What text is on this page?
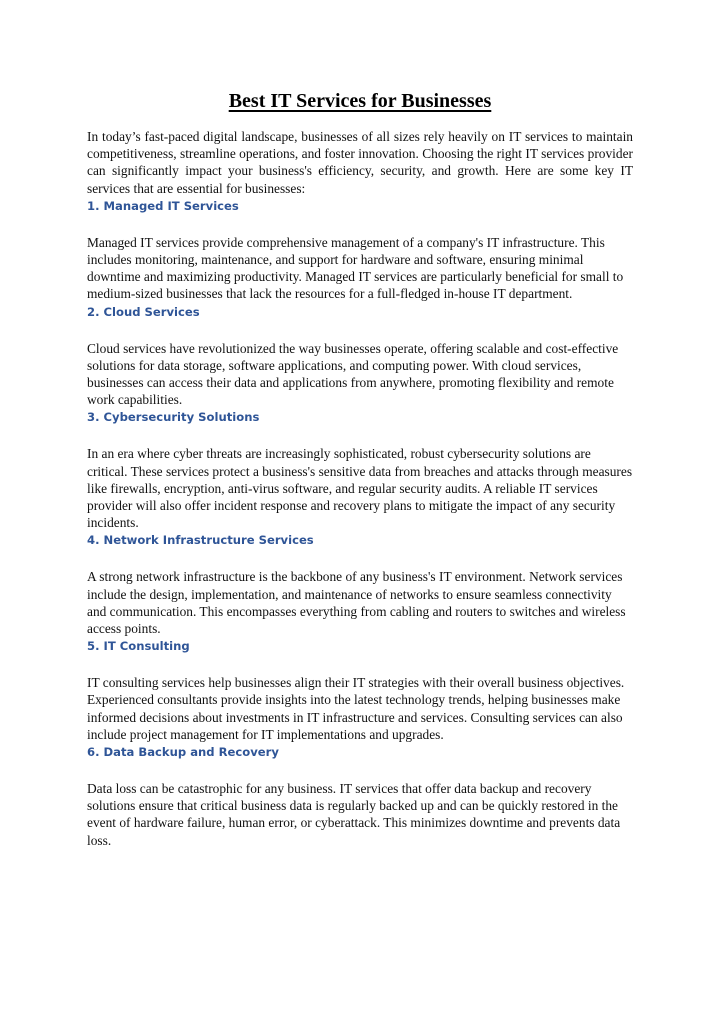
Best IT Services for Businesses

In today’s fast-paced digital landscape, businesses of all sizes rely heavily on IT services to maintain competitiveness, streamline operations, and foster innovation. Choosing the right IT services provider can significantly impact your business's efficiency, security, and growth. Here are some key IT services that are essential for businesses:

1. Managed IT Services

Managed IT services provide comprehensive management of a company's IT infrastructure. This includes monitoring, maintenance, and support for hardware and software, ensuring minimal downtime and maximizing productivity. Managed IT services are particularly beneficial for small to medium-sized businesses that lack the resources for a full-fledged in-house IT department.

2. Cloud Services

Cloud services have revolutionized the way businesses operate, offering scalable and cost-effective solutions for data storage, software applications, and computing power. With cloud services, businesses can access their data and applications from anywhere, promoting flexibility and remote work capabilities.

3. Cybersecurity Solutions

In an era where cyber threats are increasingly sophisticated, robust cybersecurity solutions are critical. These services protect a business's sensitive data from breaches and attacks through measures like firewalls, encryption, anti-virus software, and regular security audits. A reliable IT services provider will also offer incident response and recovery plans to mitigate the impact of any security incidents.

4. Network Infrastructure Services

A strong network infrastructure is the backbone of any business's IT environment. Network services include the design, implementation, and maintenance of networks to ensure seamless connectivity and communication. This encompasses everything from cabling and routers to switches and wireless access points.

5. IT Consulting

IT consulting services help businesses align their IT strategies with their overall business objectives. Experienced consultants provide insights into the latest technology trends, helping businesses make informed decisions about investments in IT infrastructure and services. Consulting services can also include project management for IT implementations and upgrades.

6. Data Backup and Recovery

Data loss can be catastrophic for any business. IT services that offer data backup and recovery solutions ensure that critical business data is regularly backed up and can be quickly restored in the event of hardware failure, human error, or cyberattack. This minimizes downtime and prevents data loss.
